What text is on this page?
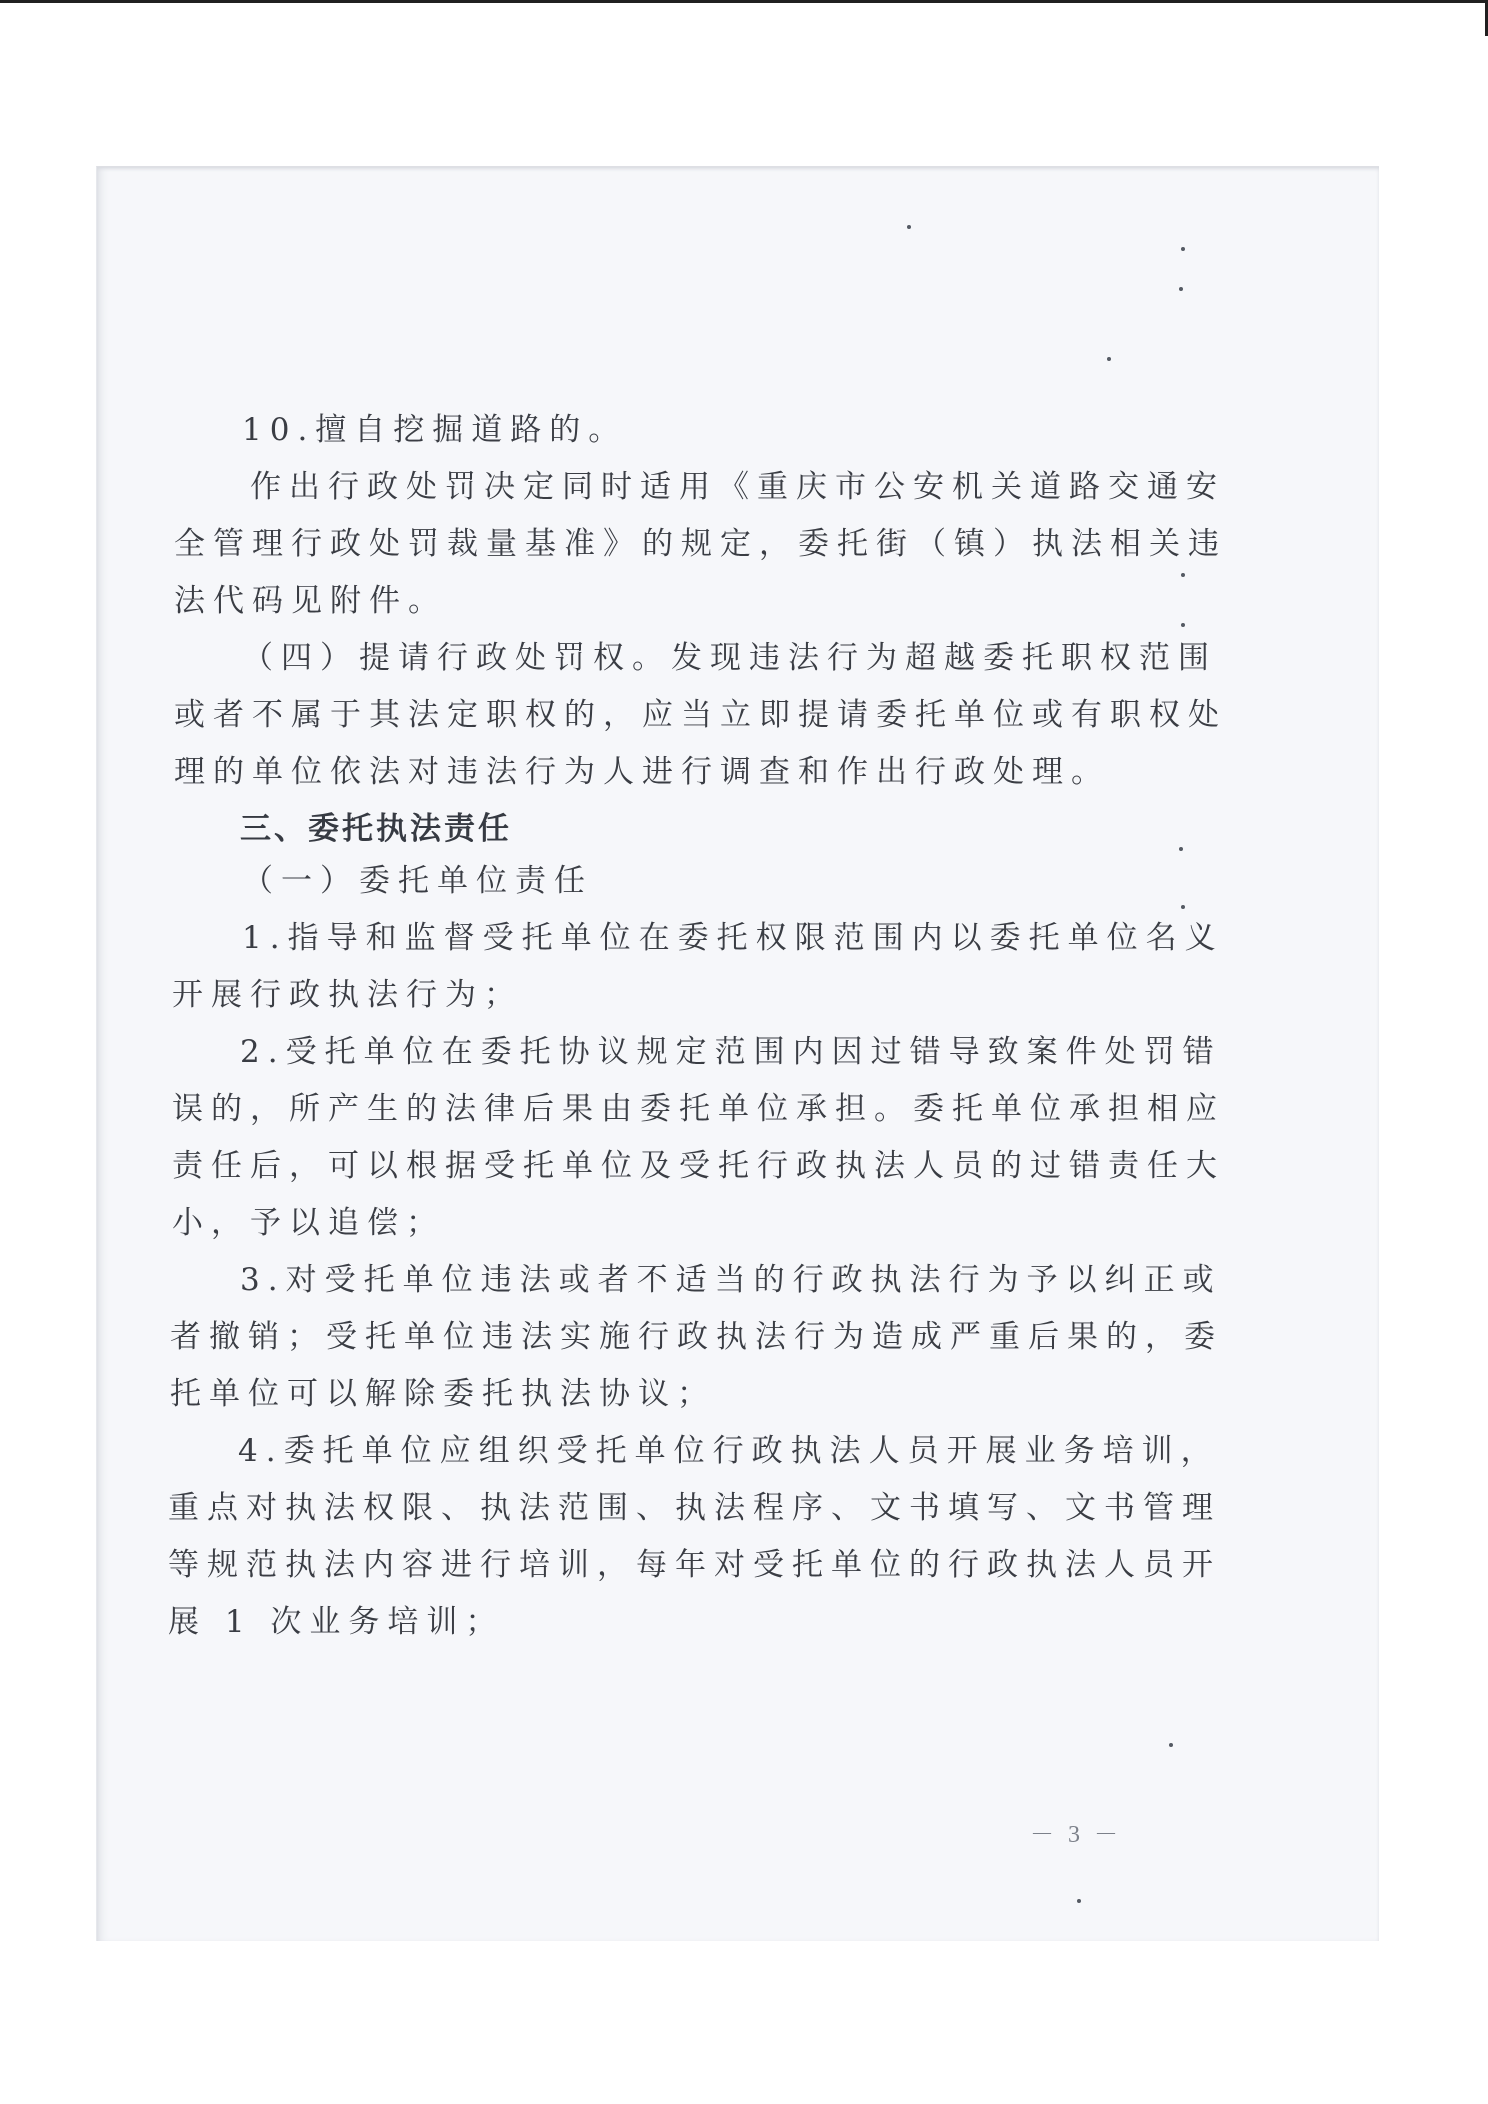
10.擅自挖掘道路的。
作出行政处罚决定同时适用《重庆市公安机关道路交通安
全管理行政处罚裁量基准》的规定，委托街（镇）执法相关违
法代码见附件。
（四）提请行政处罚权。发现违法行为超越委托职权范围
或者不属于其法定职权的，应当立即提请委托单位或有职权处
理的单位依法对违法行为人进行调查和作出行政处理。
三、委托执法责任
（一）委托单位责任
1.指导和监督受托单位在委托权限范围内以委托单位名义
开展行政执法行为；
2.受托单位在委托协议规定范围内因过错导致案件处罚错
误的，所产生的法律后果由委托单位承担。委托单位承担相应
责任后，可以根据受托单位及受托行政执法人员的过错责任大
小，予以追偿；
3.对受托单位违法或者不适当的行政执法行为予以纠正或
者撤销；受托单位违法实施行政执法行为造成严重后果的，委
托单位可以解除委托执法协议；
4.委托单位应组织受托单位行政执法人员开展业务培训，
重点对执法权限、执法范围、执法程序、文书填写、文书管理
等规范执法内容进行培训，每年对受托单位的行政执法人员开
展 1 次业务培训；
－ 3 －
